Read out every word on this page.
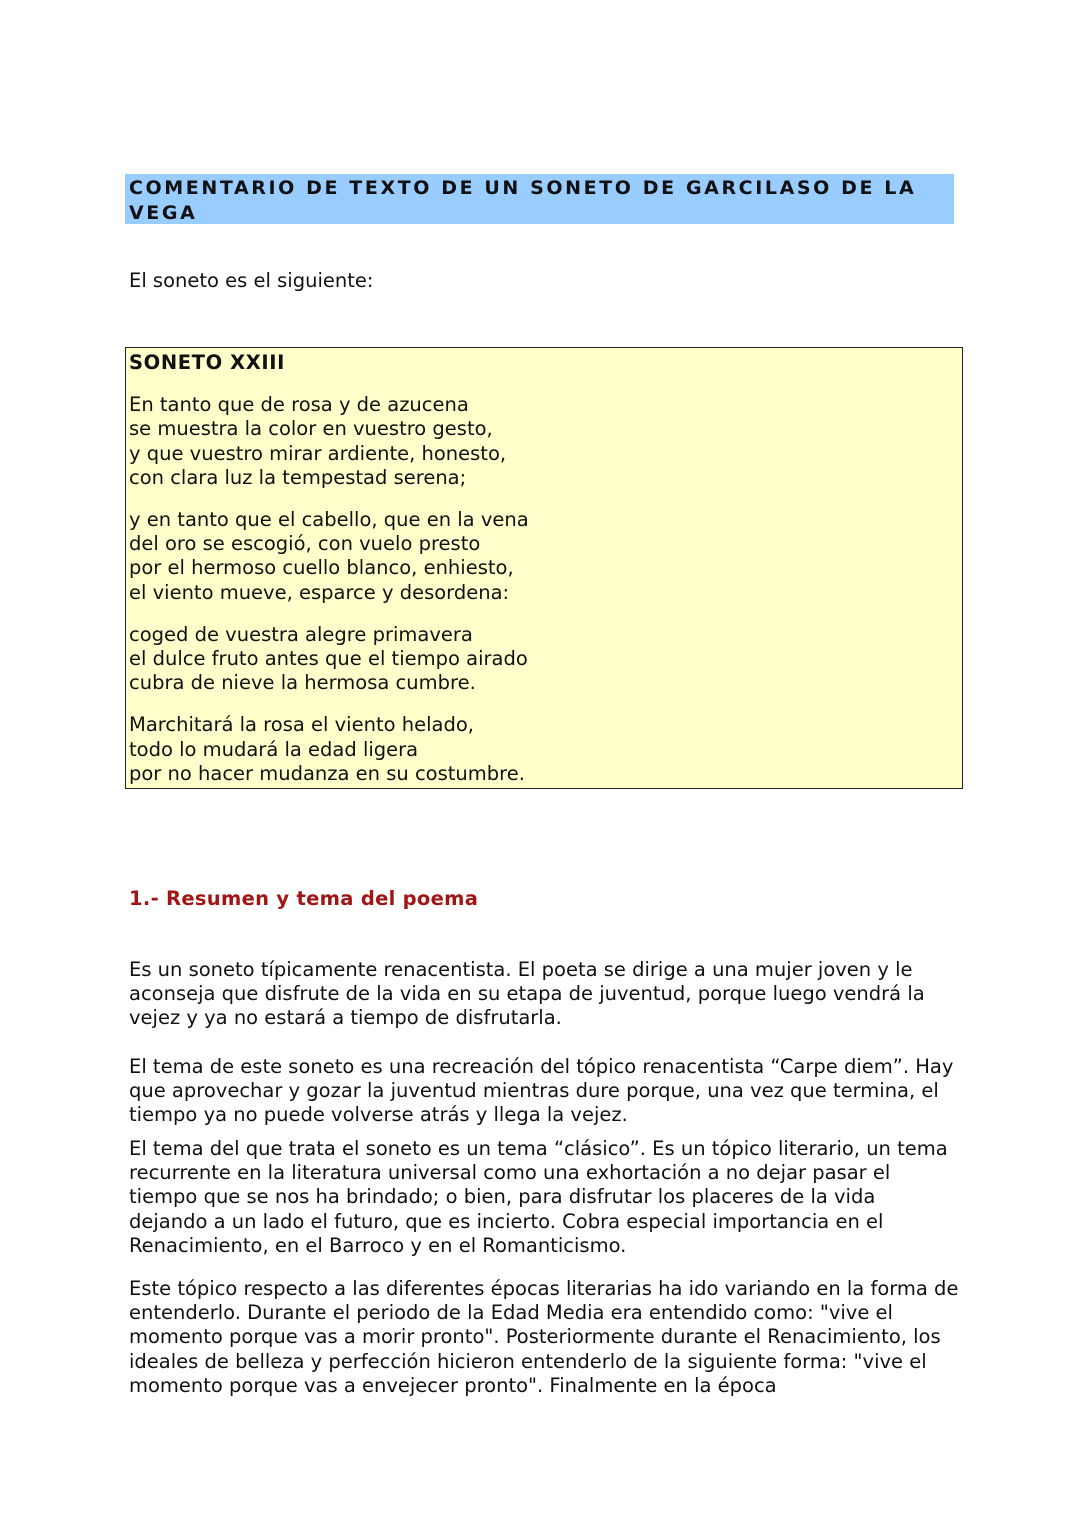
COMENTARIO DE TEXTO DE UN SONETO DE GARCILASO DE LA VEGA
El soneto es el siguiente:
SONETO XXIII
En tanto que de rosa y de azucena
se muestra la color en vuestro gesto,
y que vuestro mirar ardiente, honesto,
con clara luz la tempestad serena;
y en tanto que el cabello, que en la vena
del oro se escogió, con vuelo presto
por el hermoso cuello blanco, enhiesto,
el viento mueve, esparce y desordena:
coged de vuestra alegre primavera
el dulce fruto antes que el tiempo airado
cubra de nieve la hermosa cumbre.
Marchitará la rosa el viento helado,
todo lo mudará la edad ligera
por no hacer mudanza en su costumbre.
1.- Resumen y tema del poema

Es un soneto típicamente renacentista. El poeta se dirige a una mujer joven y le aconseja que disfrute de la vida en su etapa de juventud, porque luego vendrá la vejez y ya no estará a tiempo de disfrutarla.

El tema de este soneto es una recreación del tópico renacentista “Carpe diem”. Hay que aprovechar y gozar la juventud mientras dure porque, una vez que termina, el tiempo ya no puede volverse atrás y llega la vejez.

El tema del que trata el soneto es un tema “clásico”. Es un tópico literario, un tema recurrente en la literatura universal como una exhortación a no dejar pasar el tiempo que se nos ha brindado; o bien, para disfrutar los placeres de la vida dejando a un lado el futuro, que es incierto. Cobra especial importancia en el Renacimiento, en el Barroco y en el Romanticismo.

Este tópico respecto a las diferentes épocas literarias ha ido variando en la forma de entenderlo. Durante el periodo de la Edad Media era entendido como: "vive el momento porque vas a morir pronto". Posteriormente durante el Renacimiento, los ideales de belleza y perfección hicieron entenderlo de la siguiente forma: "vive el momento porque vas a envejecer pronto". Finalmente en la época
